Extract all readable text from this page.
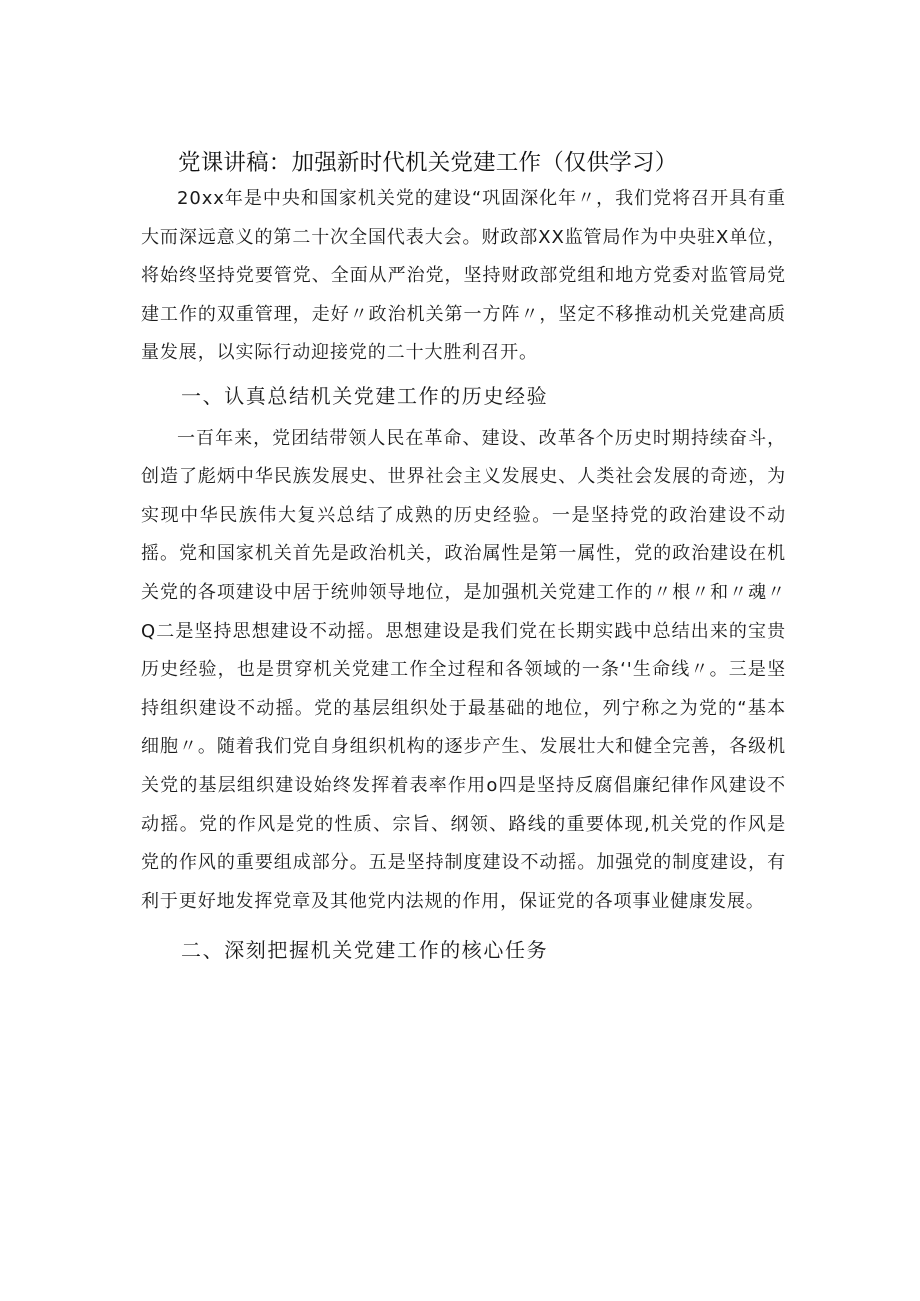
党课讲稿：加强新时代机关党建工作（仅供学习）

20xx年是中央和国家机关党的建设“巩固深化年〃，我们党将召开具有重大而深远意义的第二十次全国代表大会。财政部XX监管局作为中央驻X单位，将始终坚持党要管党、全面从严治党，坚持财政部党组和地方党委对监管局党建工作的双重管理，走好〃政治机关第一方阵〃，坚定不移推动机关党建高质量发展，以实际行动迎接党的二十大胜利召开。

一、认真总结机关党建工作的历史经验

一百年来，党团结带领人民在革命、建设、改革各个历史时期持续奋斗，创造了彪炳中华民族发展史、世界社会主义发展史、人类社会发展的奇迹，为实现中华民族伟大复兴总结了成熟的历史经验。一是坚持党的政治建设不动摇。党和国家机关首先是政治机关，政治属性是第一属性，党的政治建设在机关党的各项建设中居于统帅领导地位，是加强机关党建工作的〃根〃和〃魂〃Q二是坚持思想建设不动摇。思想建设是我们党在长期实践中总结出来的宝贵历史经验，也是贯穿机关党建工作全过程和各领域的一条‘'生命线〃。三是坚持组织建设不动摇。党的基层组织处于最基础的地位，列宁称之为党的“基本细胞〃。随着我们党自身组织机构的逐步产生、发展壮大和健全完善，各级机关党的基层组织建设始终发挥着表率作用o四是坚持反腐倡廉纪律作风建设不动摇。党的作风是党的性质、宗旨、纲领、路线的重要体现,机关党的作风是党的作风的重要组成部分。五是坚持制度建设不动摇。加强党的制度建设，有利于更好地发挥党章及其他党内法规的作用，保证党的各项事业健康发展。

二、深刻把握机关党建工作的核心任务
